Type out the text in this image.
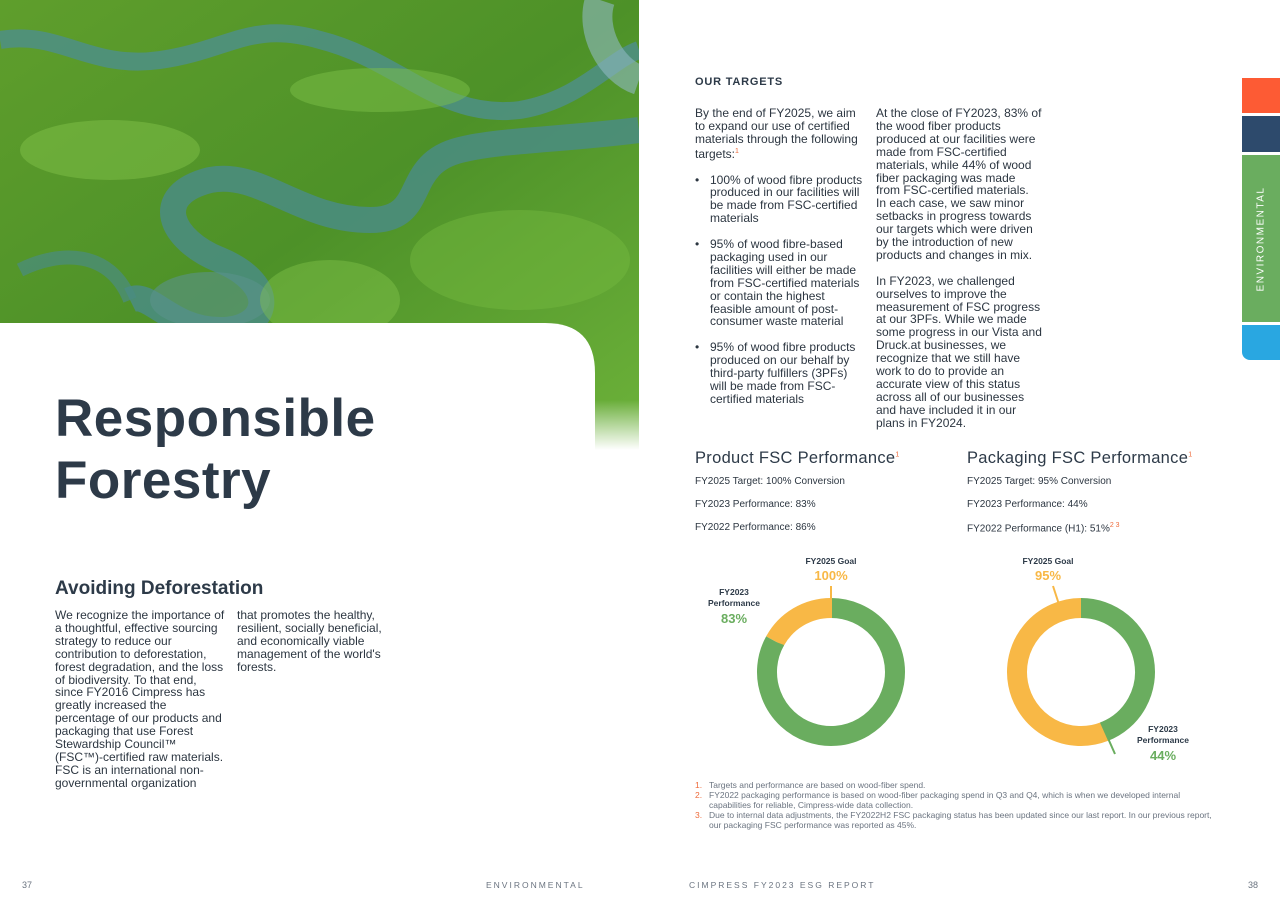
Responsible
Forestry
Avoiding Deforestation
We recognize the importance of a thoughtful, effective sourcing strategy to reduce our contribution to deforestation, forest degradation, and the loss of biodiversity. To that end, since FY2016 Cimpress has greatly increased the percentage of our products and packaging that use Forest Stewardship Council™ (FSC™)-certified raw materials. FSC is an international non-governmental organization
that promotes the healthy, resilient, socially beneficial, and economically viable management of the world's forests.
37	ENVIRONMENTAL
OUR TARGETS

By the end of FY2025, we aim to expand our use of certified materials through the following targets:$^1$

• 100% of wood fibre products produced in our facilities will be made from FSC-certified materials
• 95% of wood fibre-based packaging used in our facilities will either be made from FSC-certified materials or contain the highest feasible amount of post-consumer waste material
• 95% of wood fibre products produced on our behalf by third-party fulfillers (3PFs) will be made from FSC-certified materials

At the close of FY2023, 83% of the wood fiber products produced at our facilities were made from FSC-certified materials, while 44% of wood fiber packaging was made from FSC-certified materials. In each case, we saw minor setbacks in progress towards our targets which were driven by the introduction of new products and changes in mix.

In FY2023, we challenged ourselves to improve the measurement of FSC progress at our 3PFs. While we made some progress in our Vista and Druck.at businesses, we recognize that we still have work to do to provide an accurate view of this status across all of our businesses and have included it in our plans in FY2024.

Product FSC Performance$^1$
FY2025 Target: 100% Conversion
FY2023 Performance: 83%
FY2022 Performance: 86%
Packaging FSC Performance$^1$
FY2025 Target: 95% Conversion
FY2023 Performance: 44%
FY2022 Performance (H1): 51%$^{2 3}$
FY2025 Goal
100%
FY2023
Performance
83%
FY2025 Goal
95%
FY2023
Performance
44%
1. Targets and performance are based on wood-fiber spend.
2. FY2022 packaging performance is based on wood-fiber packaging spend in Q3 and Q4, which is when we developed internal capabilities for reliable, Cimpress-wide data collection.
3. Due to internal data adjustments, the FY2022H2 FSC packaging status has been updated since our last report. In our previous report, our packaging FSC performance was reported as 45%.
CIMPRESS FY2023 ESG REPORT	38
ENVIRONMENTAL
